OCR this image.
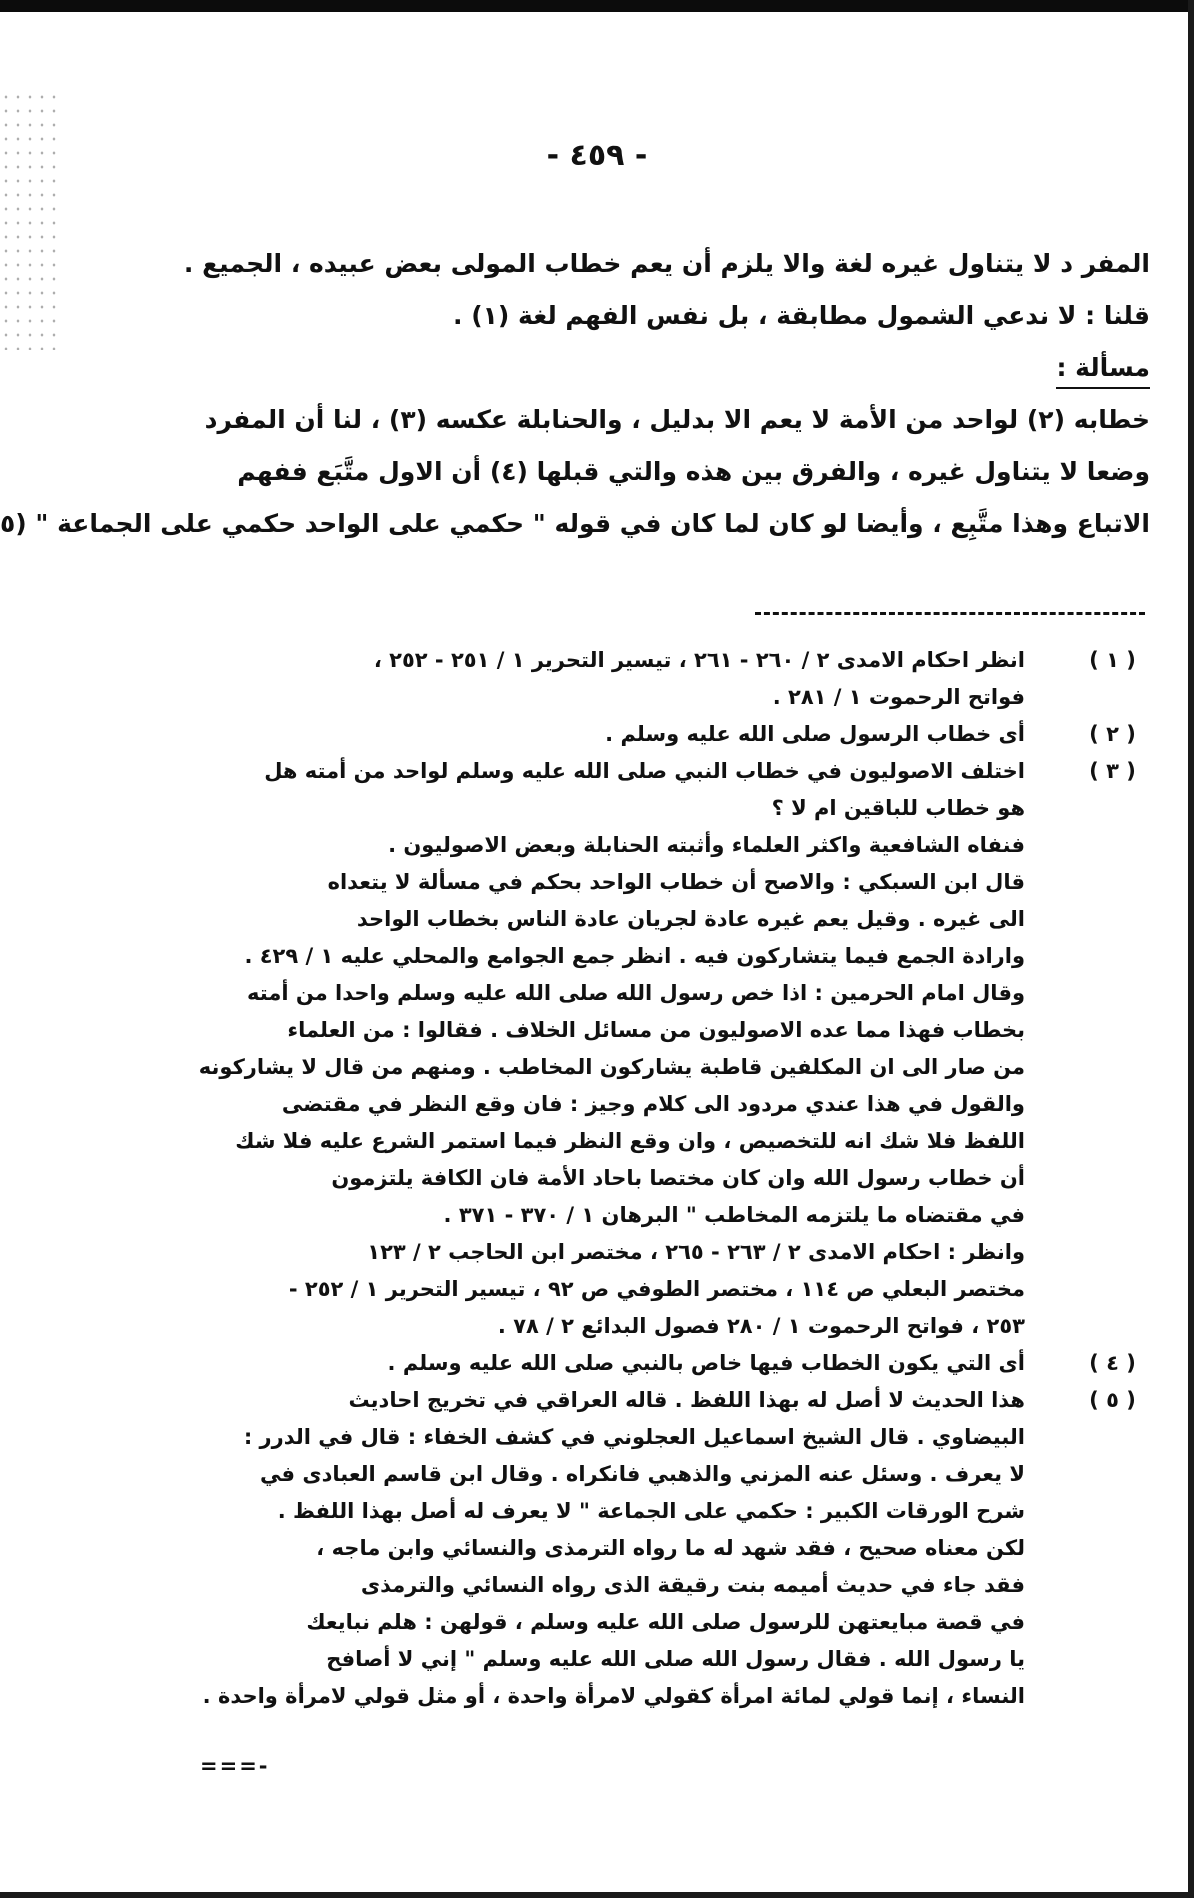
- ٤٥٩ -
المفر د لا يتناول غيره لغة والا يلزم أن يعم خطاب المولى بعض عبيده ، الجميع .
قلنا : لا ندعي الشمول مطابقة ، بل نفس الفهم لغة (١) .
مسألة :
خطابه (٢) لواحد من الأمة لا يعم الا بدليل ، والحنابلة عكسه (٣) ، لنا أن المفرد
وضعا لا يتناول غيره ، والفرق بين هذه والتي قبلها (٤) أن الاول متَّبَع ففهم
الاتباع وهذا متَّبِع ، وأيضا لو كان لما كان في قوله " حكمي على الواحد حكمي على الجماعة " (٥
( ١ )
انظر احكام الامدى ٢ / ٢٦٠ - ٢٦١ ، تيسير التحرير ١ / ٢٥١ - ٢٥٢ ،
فواتح الرحموت ١ / ٢٨١ .
( ٢ )
أى خطاب الرسول صلى الله عليه وسلم .
( ٣ )
اختلف الاصوليون في خطاب النبي صلى الله عليه وسلم لواحد من أمته هل
هو خطاب للباقين ام لا ؟
فنفاه الشافعية واكثر العلماء وأثبته الحنابلة وبعض الاصوليون .
قال ابن السبكي : والاصح أن خطاب الواحد بحكم في مسألة لا يتعداه
الى غيره . وقيل يعم غيره عادة لجريان عادة الناس بخطاب الواحد
وارادة الجمع فيما يتشاركون فيه . انظر جمع الجوامع والمحلي عليه ١ / ٤٢٩ .
وقال امام الحرمين : اذا خص رسول الله صلى الله عليه وسلم واحدا من أمته
بخطاب فهذا مما عده الاصوليون من مسائل الخلاف . فقالوا : من العلماء
من صار الى ان المكلفين قاطبة يشاركون المخاطب . ومنهم من قال لا يشاركونه
والقول في هذا عندي مردود الى كلام وجيز : فان وقع النظر في مقتضى
اللفظ فلا شك انه للتخصيص ، وان وقع النظر فيما استمر الشرع عليه فلا شك
أن خطاب رسول الله وان كان مختصا باحاد الأمة فان الكافة يلتزمون
في مقتضاه ما يلتزمه المخاطب " البرهان ١ / ٣٧٠ - ٣٧١ .
وانظر : احكام الامدى ٢ / ٢٦٣ - ٢٦٥ ، مختصر ابن الحاجب ٢ / ١٢٣
مختصر البعلي ص ١١٤ ، مختصر الطوفي ص ٩٢ ، تيسير التحرير ١ / ٢٥٢ -
٢٥٣ ، فواتح الرحموت ١ / ٢٨٠ فصول البدائع ٢ / ٧٨ .
( ٤ )
أى التي يكون الخطاب فيها خاص بالنبي صلى الله عليه وسلم .
( ٥ )
هذا الحديث لا أصل له بهذا اللفظ . قاله العراقي في تخريج احاديث
البيضاوي . قال الشيخ اسماعيل العجلوني في كشف الخفاء : قال في الدرر :
لا يعرف . وسئل عنه المزني والذهبي فانكراه . وقال ابن قاسم العبادى في
شرح الورقات الكبير : حكمي على الجماعة " لا يعرف له أصل بهذا اللفظ .
لكن معناه صحيح ، فقد شهد له ما رواه الترمذى والنسائي وابن ماجه ،
فقد جاء في حديث أميمه بنت رقيقة الذى رواه النسائي والترمذى
في قصة مبايعتهن للرسول صلى الله عليه وسلم ، قولهن : هلم نبايعك
يا رسول الله . فقال رسول الله صلى الله عليه وسلم " إني لا أصافح
النساء ، إنما قولي لمائة امرأة كقولي لامرأة واحدة ، أو مثل قولي لامرأة واحدة .
===-
